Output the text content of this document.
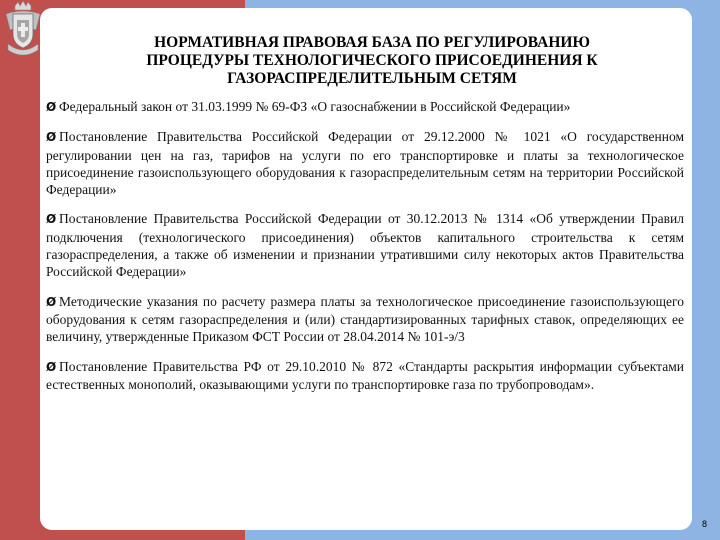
НОРМАТИВНАЯ ПРАВОВАЯ БАЗА ПО РЕГУЛИРОВАНИЮ
ПРОЦЕДУРЫ ТЕХНОЛОГИЧЕСКОГО ПРИСОЕДИНЕНИЯ К
ГАЗОРАСПРЕДЕЛИТЕЛЬНЫМ СЕТЯМ
Ø Федеральный закон от 31.03.1999 № 69-ФЗ «О газоснабжении в Российской Федерации»
Ø Постановление Правительства Российской Федерации от 29.12.2000 № 1021 «О государственном регулировании цен на газ, тарифов на услуги по его транспортировке и платы за технологическое присоединение газоиспользующего оборудования к газораспределительным сетям на территории Российской Федерации»
Ø Постановление Правительства Российской Федерации от 30.12.2013 № 1314 «Об утверждении Правил подключения (технологического присоединения) объектов капитального строительства к сетям газораспределения, а также об изменении и признании утратившими силу некоторых актов Правительства Российской Федерации»
Ø Методические указания по расчету размера платы за технологическое присоединение газоиспользующего оборудования к сетям газораспределения и (или) стандартизированных тарифных ставок, определяющих ее величину, утвержденные Приказом ФСТ России от 28.04.2014 № 101-э/3
Ø Постановление Правительства РФ от 29.10.2010 № 872 «Стандарты раскрытия информации субъектами естественных монополий, оказывающими услуги по транспортировке газа по трубопроводам».
8
